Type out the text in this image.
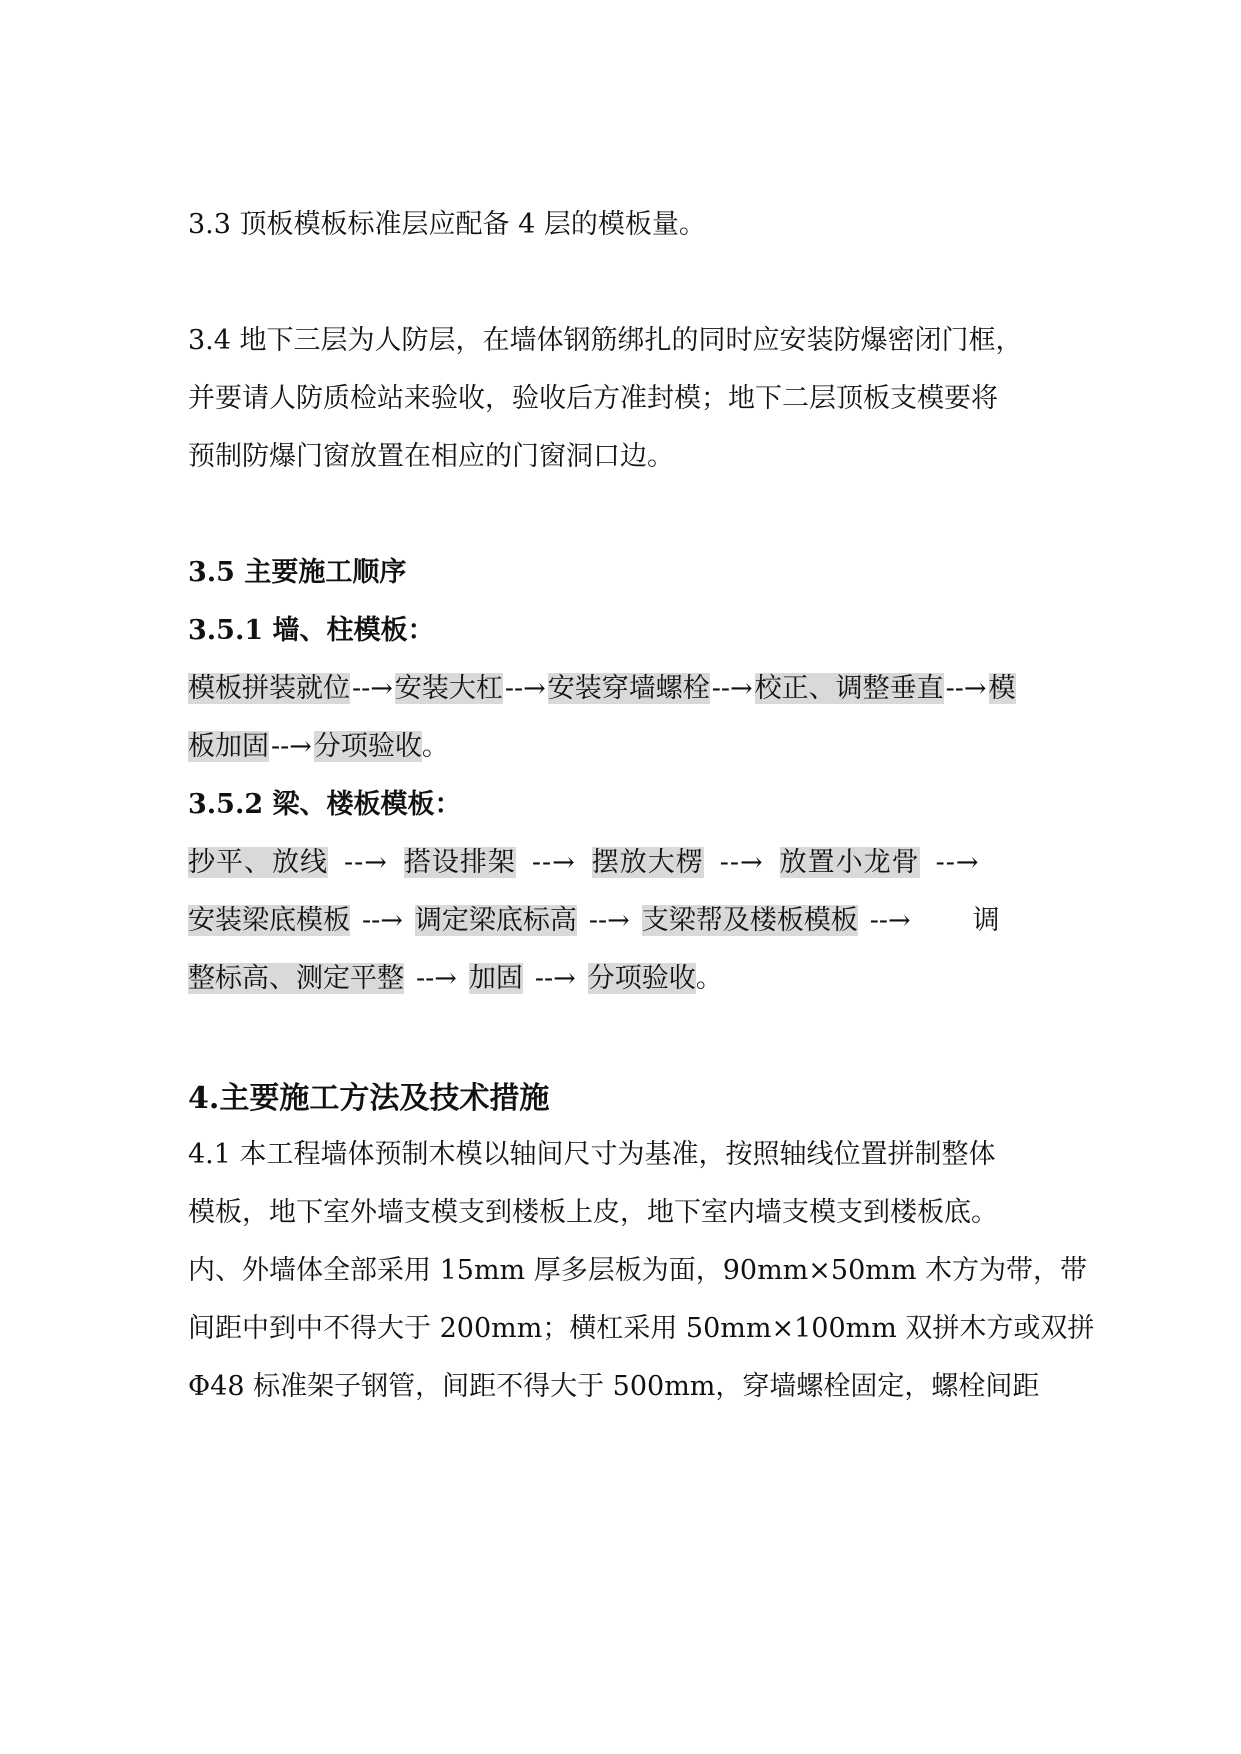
3.3 顶板模板标准层应配备 4 层的模板量。
3.4 地下三层为人防层，在墙体钢筋绑扎的同时应安装防爆密闭门框，
并要请人防质检站来验收，验收后方准封模；地下二层顶板支模要将
预制防爆门窗放置在相应的门窗洞口边。
3.5 主要施工顺序
3.5.1 墙、柱模板：
模板拼装就位--→安装大杠--→安装穿墙螺栓--→校正、调整垂直--→模
板加固--→分项验收。
3.5.2 梁、楼板模板：
抄平、放线 --→ 搭设排架 --→ 摆放大楞 --→ 放置小龙骨 --→
安装梁底模板 --→ 调定梁底标高 --→ 支梁帮及楼板模板 --→ 调
整标高、测定平整 --→ 加固 --→ 分项验收。
4.主要施工方法及技术措施
4.1 本工程墙体预制木模以轴间尺寸为基准，按照轴线位置拼制整体
模板，地下室外墙支模支到楼板上皮，地下室内墙支模支到楼板底。
内、外墙体全部采用 15mm 厚多层板为面，90mm×50mm 木方为带，带
间距中到中不得大于 200mm；横杠采用 50mm×100mm 双拼木方或双拼
Φ48 标准架子钢管，间距不得大于 500mm，穿墙螺栓固定，螺栓间距
